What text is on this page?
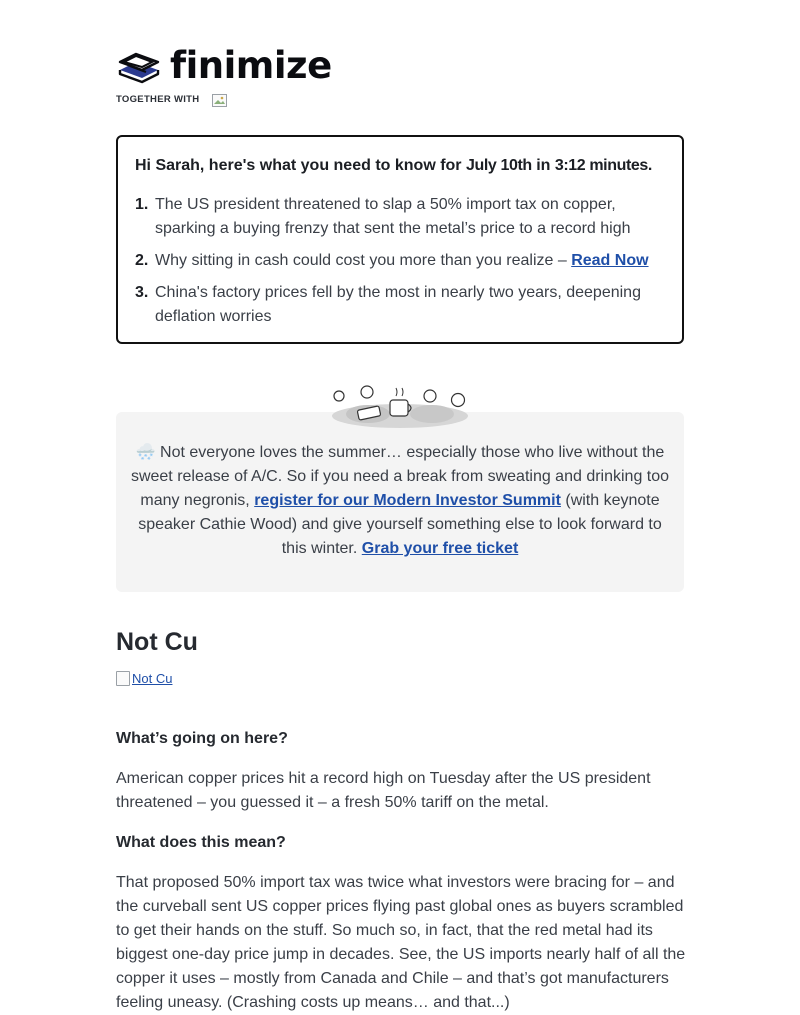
finimize
TOGETHER WITH

Hi Sarah, here's what you need to know for July 10th in 3:12 minutes.

1. The US president threatened to slap a 50% import tax on copper, sparking a buying frenzy that sent the metal’s price to a record high
2. Why sitting in cash could cost you more than you realize – Read Now
3. China's factory prices fell by the most in nearly two years, deepening deflation worries
🌨️ Not everyone loves the summer… especially those who live without the sweet release of A/C. So if you need a break from sweating and drinking too many negronis, register for our Modern Investor Summit (with keynote speaker Cathie Wood) and give yourself something else to look forward to this winter. Grab your free ticket
Not Cu
Not Cu

What’s going on here?

American copper prices hit a record high on Tuesday after the US president threatened – you guessed it – a fresh 50% tariff on the metal.

What does this mean?

That proposed 50% import tax was twice what investors were bracing for – and the curveball sent US copper prices flying past global ones as buyers scrambled to get their hands on the stuff. So much so, in fact, that the red metal had its biggest one-day price jump in decades. See, the US imports nearly half of all the copper it uses – mostly from Canada and Chile – and that’s got manufacturers feeling uneasy. (Crashing costs up means… and that...)
